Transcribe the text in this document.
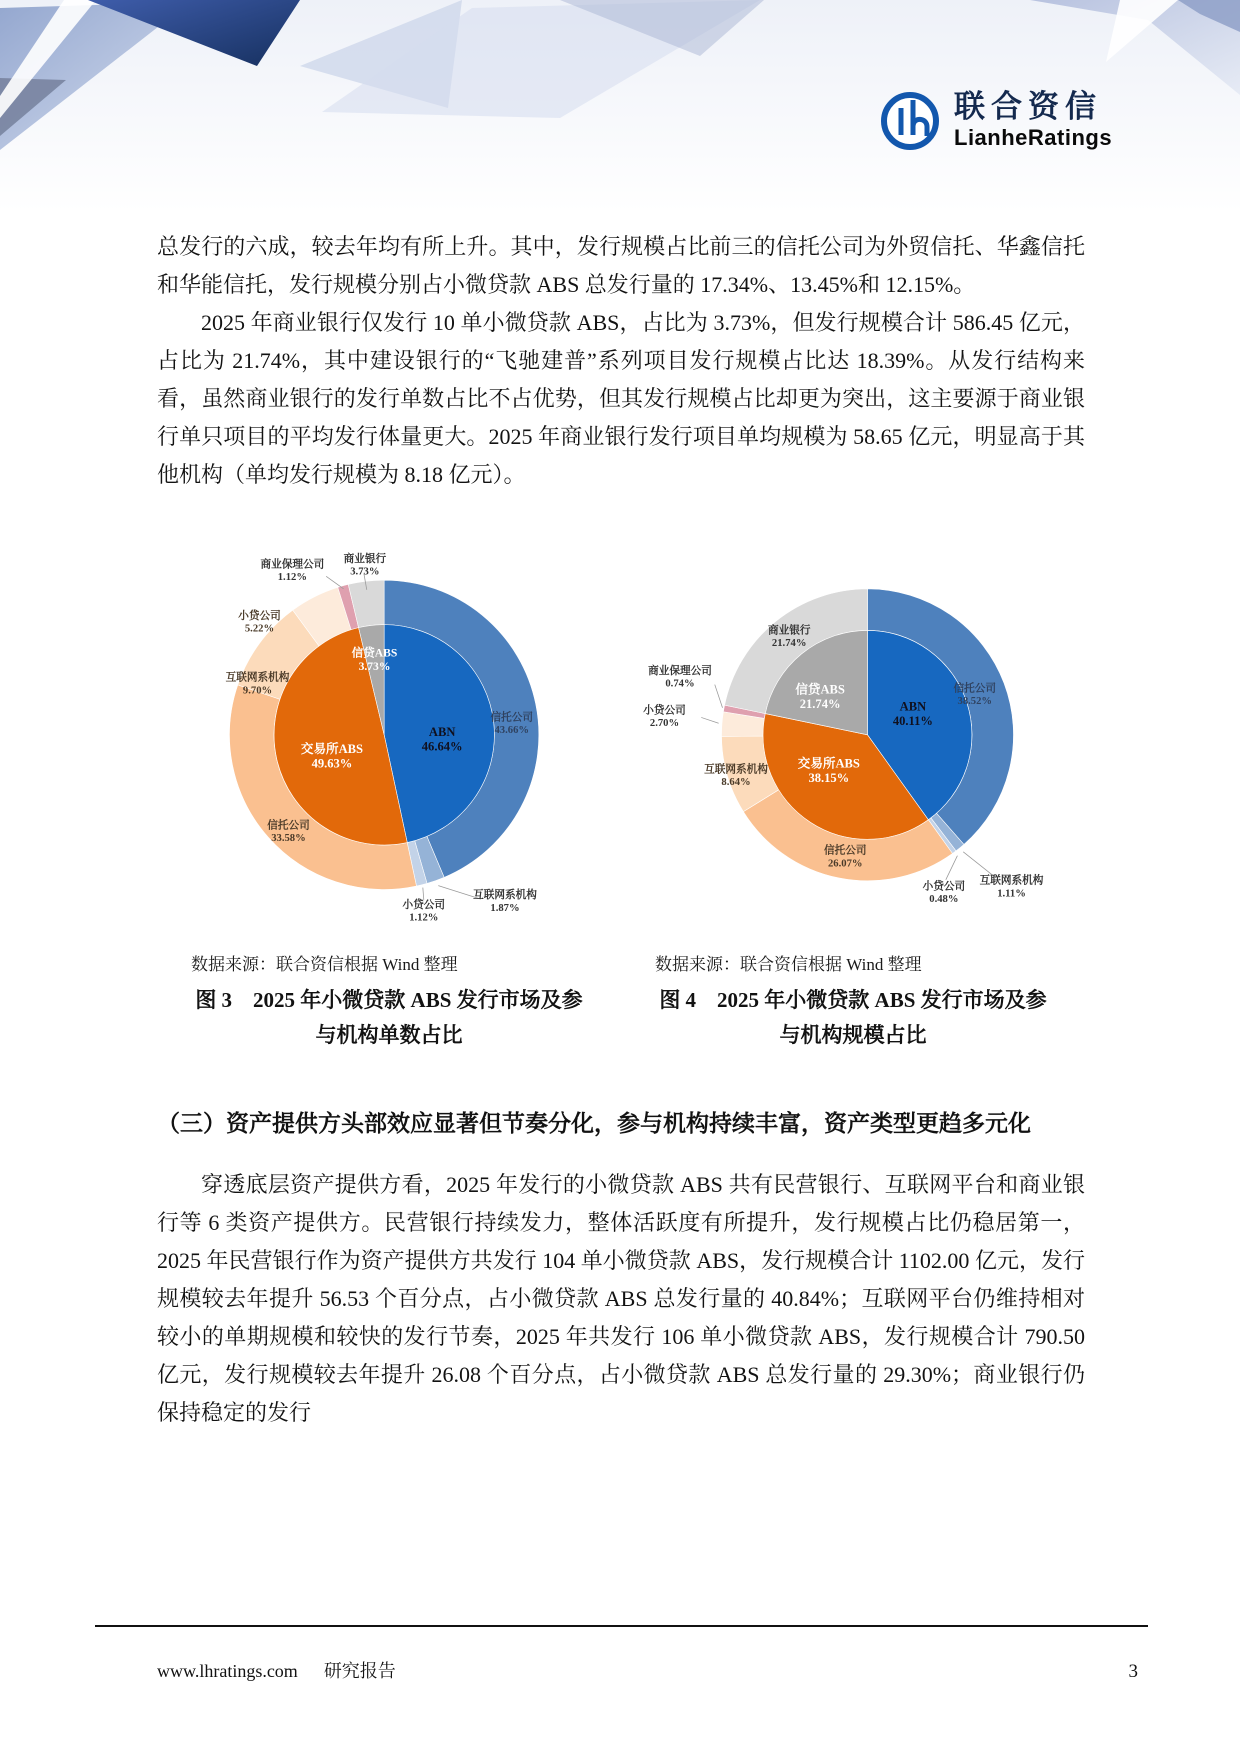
联合资信
LianheRatings

总发行的六成，较去年均有所上升。其中，发行规模占比前三的信托公司为外贸信托、华鑫信托和华能信托，发行规模分别占小微贷款 ABS 总发行量的 17.34%、13.45%和 12.15%。

2025 年商业银行仅发行 10 单小微贷款 ABS，占比为 3.73%，但发行规模合计 586.45 亿元，占比为 21.74%，其中建设银行的“飞驰建普”系列项目发行规模占比达 18.39%。从发行结构来看，虽然商业银行的发行单数占比不占优势，但其发行规模占比却更为突出，这主要源于商业银行单只项目的平均发行体量更大。2025 年商业银行发行项目单均规模为 58.65 亿元，明显高于其他机构（单均发行规模为 8.18 亿元）。

信托公司 43.66%
互联网系机构 1.87%
小贷公司 1.12%
信托公司 33.58%
互联网系机构 9.70%
小贷公司 5.22%
商业保理公司 1.12%
商业银行 3.73%
ABN 46.64%
交易所ABS 49.63%
信贷ABS 3.73%
数据来源：联合资信根据 Wind 整理
图 3　2025 年小微贷款 ABS 发行市场及参与机构单数占比
信托公司 38.52%
互联网系机构 1.11%
小贷公司 0.48%
信托公司 26.07%
互联网系机构 8.64%
小贷公司 2.70%
商业保理公司 0.74%
商业银行 21.74%
ABN 40.11%
交易所ABS 38.15%
信贷ABS 21.74%
数据来源：联合资信根据 Wind 整理
图 4　2025 年小微贷款 ABS 发行市场及参与机构规模占比
（三）资产提供方头部效应显著但节奏分化，参与机构持续丰富，资产类型更趋多元化

穿透底层资产提供方看，2025 年发行的小微贷款 ABS 共有民营银行、互联网平台和商业银行等 6 类资产提供方。民营银行持续发力，整体活跃度有所提升，发行规模占比仍稳居第一，2025 年民营银行作为资产提供方共发行 104 单小微贷款 ABS，发行规模合计 1102.00 亿元，发行规模较去年提升 56.53 个百分点，占小微贷款 ABS 总发行量的 40.84%；互联网平台仍维持相对较小的单期规模和较快的发行节奏，2025 年共发行 106 单小微贷款 ABS，发行规模合计 790.50 亿元，发行规模较去年提升 26.08 个百分点，占小微贷款 ABS 总发行量的 29.30%；商业银行仍保持稳定的发行

www.lhratings.com 研究报告	3
